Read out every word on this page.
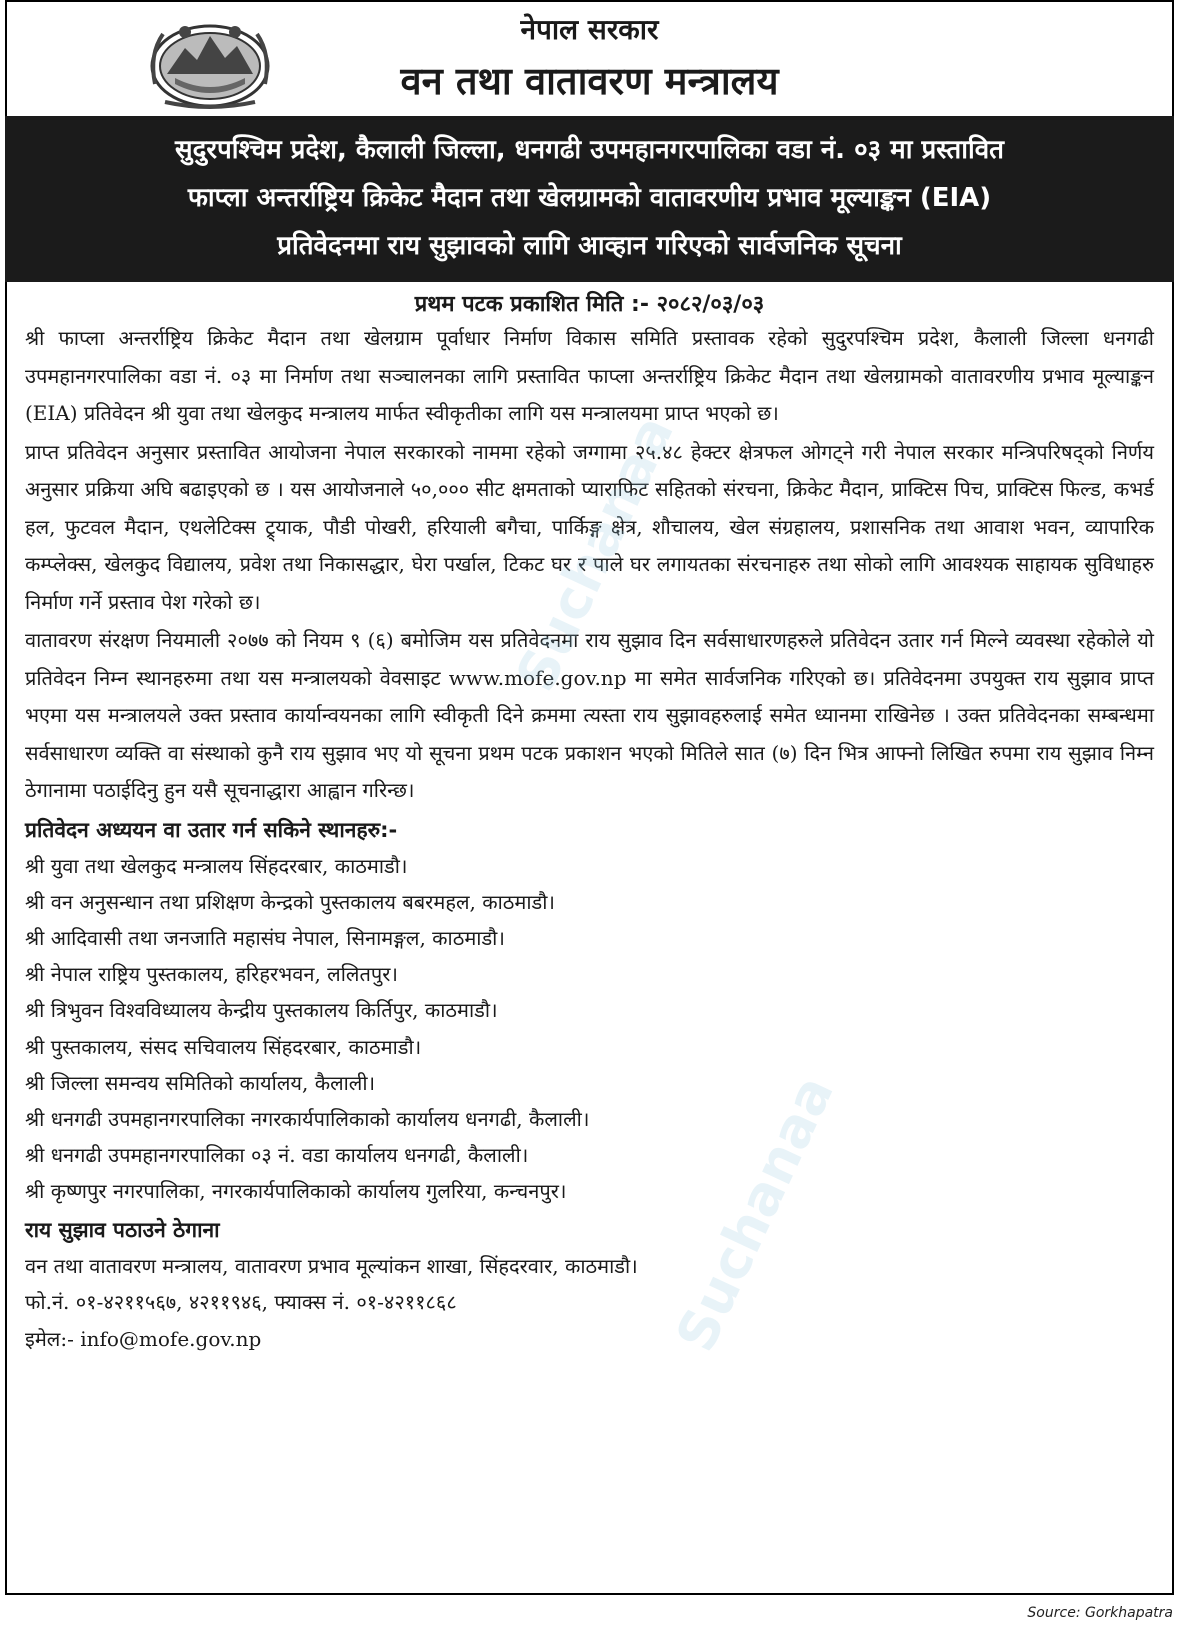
नेपाल सरकार
वन तथा वातावरण मन्त्रालय
सुदुरपश्चिम प्रदेश, कैलाली जिल्ला, धनगढी उपमहानगरपालिका वडा नं. ०३ मा प्रस्तावित
फाप्ला अन्तर्राष्ट्रिय क्रिकेट मैदान तथा खेलग्रामको वातावरणीय प्रभाव मूल्याङ्कन (EIA)
प्रतिवेदनमा राय सुझावको लागि आव्हान गरिएको सार्वजनिक सूचना
प्रथम पटक प्रकाशित मिति :- २०८२/०३/०३

श्री फाप्ला अन्तर्राष्ट्रिय क्रिकेट मैदान तथा खेलग्राम पूर्वाधार निर्माण विकास समिति प्रस्तावक रहेको सुदुरपश्चिम प्रदेश, कैलाली जिल्ला धनगढी उपमहानगरपालिका वडा नं. ०३ मा निर्माण तथा सञ्चालनका लागि प्रस्तावित फाप्ला अन्तर्राष्ट्रिय क्रिकेट मैदान तथा खेलग्रामको वातावरणीय प्रभाव मूल्याङ्कन (EIA) प्रतिवेदन श्री युवा तथा खेलकुद मन्त्रालय मार्फत स्वीकृतीका लागि यस मन्त्रालयमा प्राप्त भएको छ।

प्राप्त प्रतिवेदन अनुसार प्रस्तावित आयोजना नेपाल सरकारको नाममा रहेको जग्गामा २५.४८ हेक्टर क्षेत्रफल ओगट्ने गरी नेपाल सरकार मन्त्रिपरिषद्को निर्णय अनुसार प्रक्रिया अघि बढाइएको छ । यस आयोजनाले ५०,००० सीट क्षमताको प्याराफिट सहितको संरचना, क्रिकेट मैदान, प्राक्टिस पिच, प्राक्टिस फिल्ड, कभर्ड हल, फुटवल मैदान, एथलेटिक्स ट्र्याक, पौडी पोखरी, हरियाली बगैचा, पार्किङ्ग क्षेत्र, शौचालय, खेल संग्रहालय, प्रशासनिक तथा आवाश भवन, व्यापारिक कम्प्लेक्स, खेलकुद विद्यालय, प्रवेश तथा निकासद्धार, घेरा पर्खाल, टिकट घर र पाले घर लगायतका संरचनाहरु तथा सोको लागि आवश्यक साहायक सुविधाहरु निर्माण गर्ने प्रस्ताव पेश गरेको छ।

वातावरण संरक्षण नियमाली २०७७ को नियम ९ (६) बमोजिम यस प्रतिवेदनमा राय सुझाव दिन सर्वसाधारणहरुले प्रतिवेदन उतार गर्न मिल्ने व्यवस्था रहेकोले यो प्रतिवेदन निम्न स्थानहरुमा तथा यस मन्त्रालयको वेवसाइट www.mofe.gov.np मा समेत सार्वजनिक गरिएको छ। प्रतिवेदनमा उपयुक्त राय सुझाव प्राप्त भएमा यस मन्त्रालयले उक्त प्रस्ताव कार्यान्वयनका लागि स्वीकृती दिने क्रममा त्यस्ता राय सुझावहरुलाई समेत ध्यानमा राखिनेछ । उक्त प्रतिवेदनका सम्बन्धमा सर्वसाधारण व्यक्ति वा संस्थाको कुनै राय सुझाव भए यो सूचना प्रथम पटक प्रकाशन भएको मितिले सात (७) दिन भित्र आफ्नो लिखित रुपमा राय सुझाव निम्न ठेगानामा पठाईदिनु हुन यसै सूचनाद्धारा आह्वान गरिन्छ।

प्रतिवेदन अध्ययन वा उतार गर्न सकिने स्थानहरु:-
श्री युवा तथा खेलकुद मन्त्रालय सिंहदरबार, काठमाडौ।
श्री वन अनुसन्धान तथा प्रशिक्षण केन्द्रको पुस्तकालय बबरमहल, काठमाडौ।
श्री आदिवासी तथा जनजाति महासंघ नेपाल, सिनामङ्गल, काठमाडौ।
श्री नेपाल राष्ट्रिय पुस्तकालय, हरिहरभवन, ललितपुर।
श्री त्रिभुवन विश्वविध्यालय केन्द्रीय पुस्तकालय किर्तिपुर, काठमाडौ।
श्री पुस्तकालय, संसद सचिवालय सिंहदरबार, काठमाडौ।
श्री जिल्ला समन्वय समितिको कार्यालय, कैलाली।
श्री धनगढी उपमहानगरपालिका नगरकार्यपालिकाको कार्यालय धनगढी, कैलाली।
श्री धनगढी उपमहानगरपालिका ०३ नं. वडा कार्यालय धनगढी, कैलाली।
श्री कृष्णपुर नगरपालिका, नगरकार्यपालिकाको कार्यालय गुलरिया, कन्चनपुर।
राय सुझाव पठाउने ठेगाना
वन तथा वातावरण मन्त्रालय, वातावरण प्रभाव मूल्यांकन शाखा, सिंहदरवार, काठमाडौ।
फो.नं. ०१-४२११५६७, ४२११९४६, फ्याक्स नं. ०१-४२११८६८
इमेल:- info@mofe.gov.np
Suchanaa
Suchanaa
Source: Gorkhapatra
